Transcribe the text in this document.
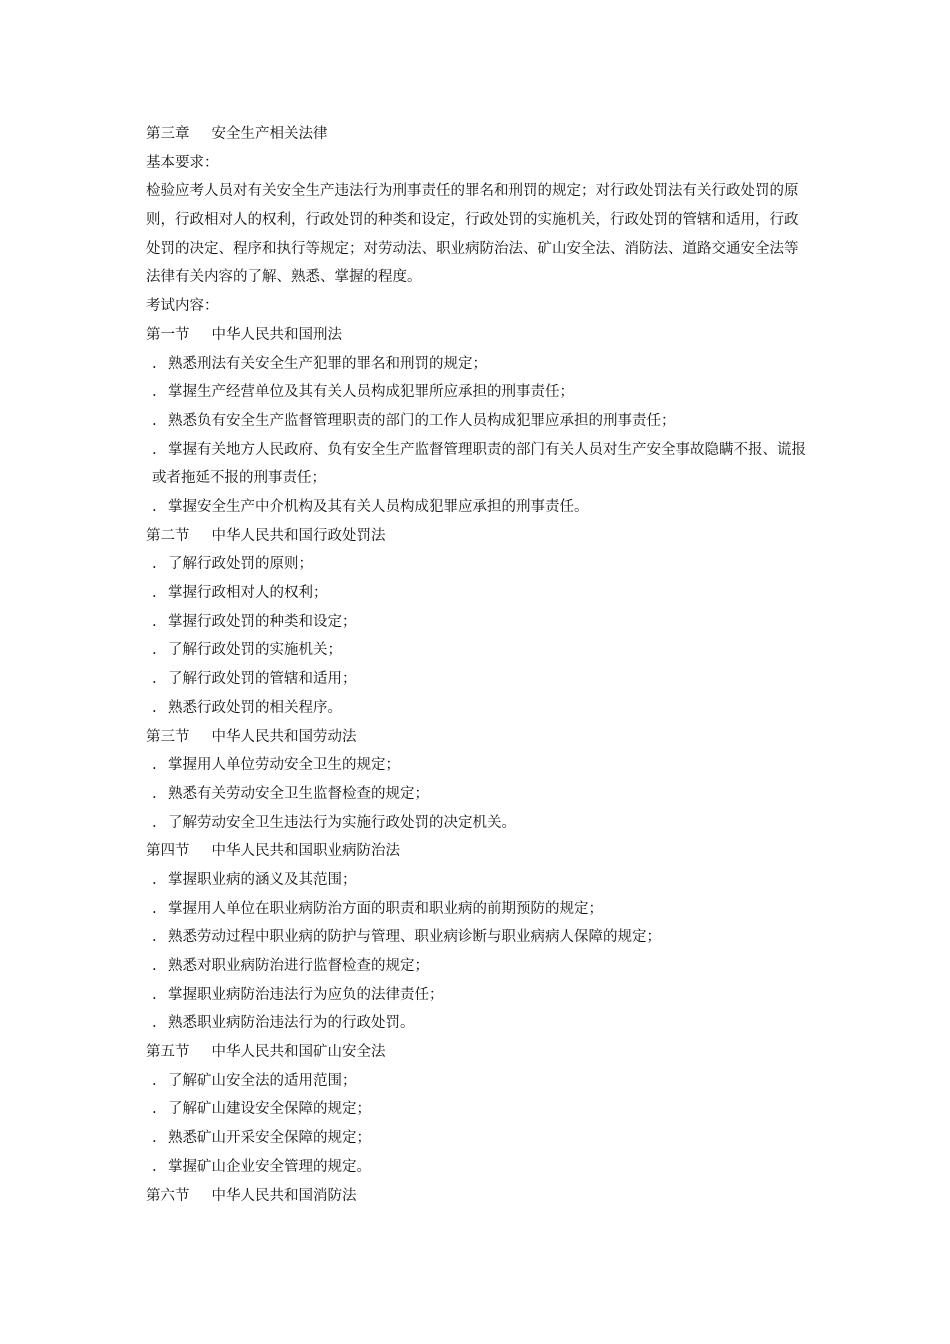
第三章 安全生产相关法律
基本要求：
检验应考人员对有关安全生产违法行为刑事责任的罪名和刑罚的规定；对行政处罚法有关行政处罚的原则，行政相对人的权利，行政处罚的种类和设定，行政处罚的实施机关，行政处罚的管辖和适用，行政处罚的决定、程序和执行等规定；对劳动法、职业病防治法、矿山安全法、消防法、道路交通安全法等法律有关内容的了解、熟悉、掌握的程度。
考试内容：
第一节 中华人民共和国刑法
. 熟悉刑法有关安全生产犯罪的罪名和刑罚的规定；
. 掌握生产经营单位及其有关人员构成犯罪所应承担的刑事责任；
. 熟悉负有安全生产监督管理职责的部门的工作人员构成犯罪应承担的刑事责任；
. 掌握有关地方人民政府、负有安全生产监督管理职责的部门有关人员对生产安全事故隐瞒不报、谎报或者拖延不报的刑事责任；
. 掌握安全生产中介机构及其有关人员构成犯罪应承担的刑事责任。
第二节 中华人民共和国行政处罚法
. 了解行政处罚的原则；
. 掌握行政相对人的权利；
. 掌握行政处罚的种类和设定；
. 了解行政处罚的实施机关；
. 了解行政处罚的管辖和适用；
. 熟悉行政处罚的相关程序。
第三节 中华人民共和国劳动法
. 掌握用人单位劳动安全卫生的规定；
. 熟悉有关劳动安全卫生监督检查的规定；
. 了解劳动安全卫生违法行为实施行政处罚的决定机关。
第四节 中华人民共和国职业病防治法
. 掌握职业病的涵义及其范围；
. 掌握用人单位在职业病防治方面的职责和职业病的前期预防的规定；
. 熟悉劳动过程中职业病的防护与管理、职业病诊断与职业病病人保障的规定；
. 熟悉对职业病防治进行监督检查的规定；
. 掌握职业病防治违法行为应负的法律责任；
. 熟悉职业病防治违法行为的行政处罚。
第五节 中华人民共和国矿山安全法
. 了解矿山安全法的适用范围；
. 了解矿山建设安全保障的规定；
. 熟悉矿山开采安全保障的规定；
. 掌握矿山企业安全管理的规定。
第六节 中华人民共和国消防法
